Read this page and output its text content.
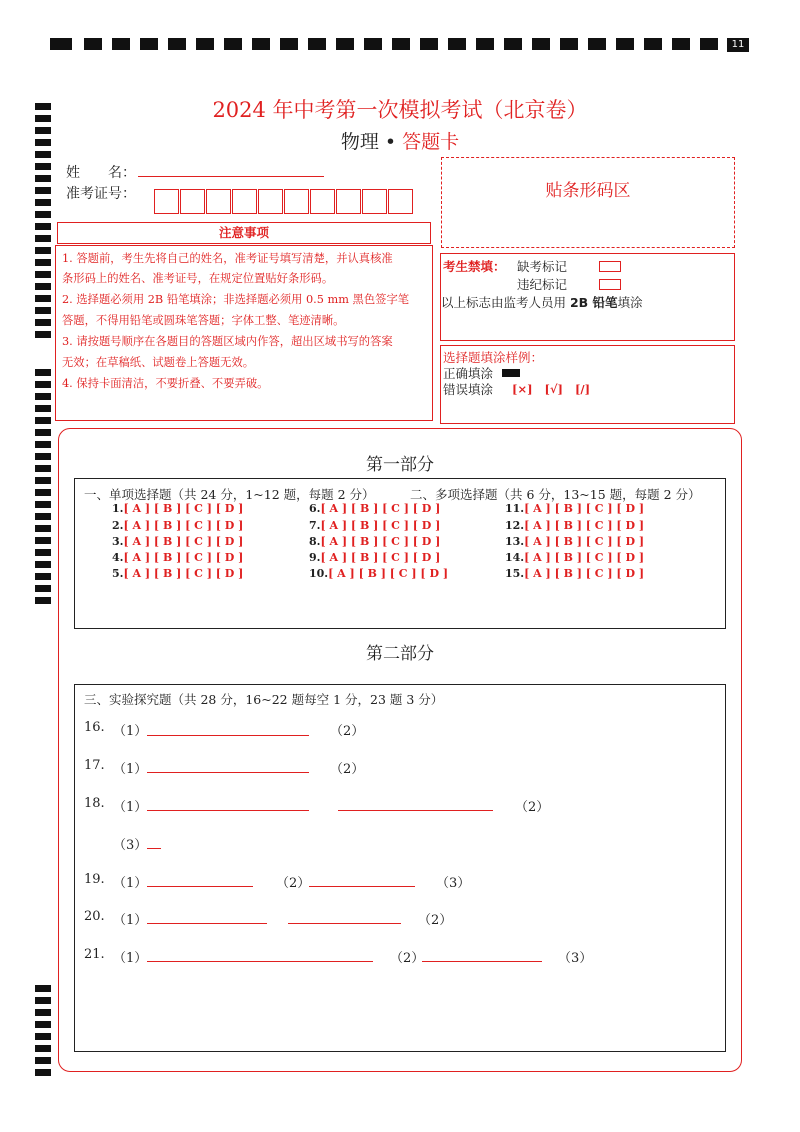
11
2024 年中考第一次模拟考试（北京卷）
物理 • 答题卡
姓　　名：
准考证号：	贴条形码区
注意事项
1. 答题前，考生先将自己的姓名，准考证号填写清楚，并认真核准
条形码上的姓名、准考证号，在规定位置贴好条形码。
2. 选择题必须用 2B 铅笔填涂；非选择题必须用 0.5 mm 黑色签字笔
答题，不得用铅笔或圆珠笔答题；字体工整、笔迹清晰。
3. 请按题号顺序在各题目的答题区域内作答，超出区域书写的答案
无效；在草稿纸、试题卷上答题无效。
4. 保持卡面清洁，不要折叠、不要弄破。
考生禁填： 缺考标记
违纪标记
以上标志由监考人员用 2B 铅笔填涂
选择题填涂样例：
正确填涂
错误填涂 [×]   [√]   [/]
第一部分
一、单项选择题（共 24 分，1~12 题，每题 2 分）	二、多项选择题（共 6 分，13~15 题，每题 2 分）
1.[ A ] [ B ] [ C ] [ D ]
2.[ A ] [ B ] [ C ] [ D ]
3.[ A ] [ B ] [ C ] [ D ]
4.[ A ] [ B ] [ C ] [ D ]
5.[ A ] [ B ] [ C ] [ D ]
6.[ A ] [ B ] [ C ] [ D ]
7.[ A ] [ B ] [ C ] [ D ]
8.[ A ] [ B ] [ C ] [ D ]
9.[ A ] [ B ] [ C ] [ D ]
10.[ A ] [ B ] [ C ] [ D ]
11.[ A ] [ B ] [ C ] [ D ]
12.[ A ] [ B ] [ C ] [ D ]
13.[ A ] [ B ] [ C ] [ D ]
14.[ A ] [ B ] [ C ] [ D ]
15.[ A ] [ B ] [ C ] [ D ]
第二部分
三、实验探究题（共 28 分，16~22 题每空 1 分，23 题 3 分）
16. （1）	（2）
17. （1）	（2）
18. （1）	（2）
（3）
19. （1）	（2）	（3）
20. （1）	（2）
21. （1）	（2）	（3）
